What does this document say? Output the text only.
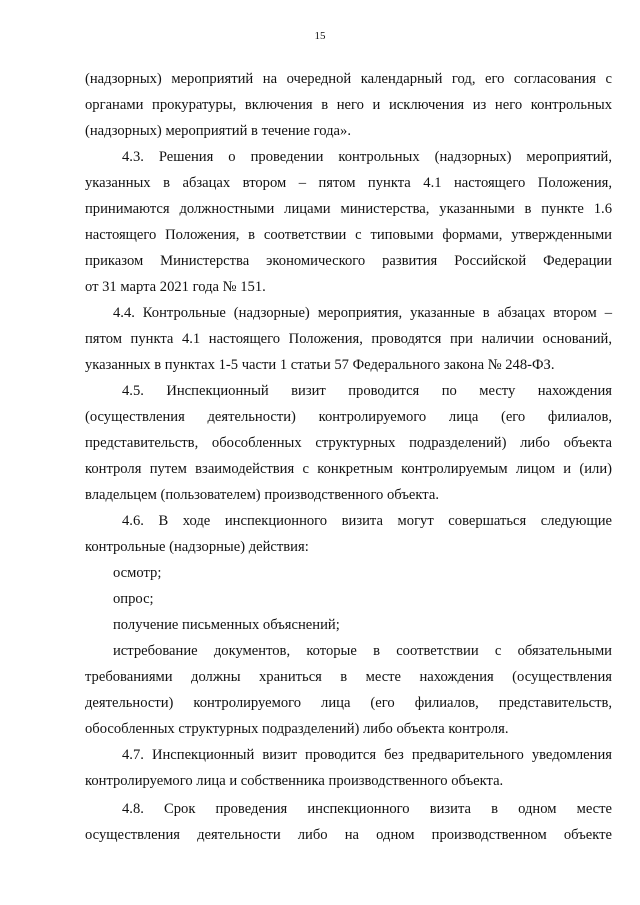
15
(надзорных) мероприятий на очередной календарный год, его согласования с
органами прокуратуры, включения в него и исключения из него контрольных
(надзорных) мероприятий в течение года».
4.3. Решения о проведении контрольных (надзорных) мероприятий,
указанных в абзацах втором – пятом пункта 4.1 настоящего Положения,
принимаются должностными лицами министерства, указанными в пункте 1.6
настоящего Положения, в соответствии с типовыми формами, утвержденными
приказом Министерства экономического развития Российской Федерации
от 31 марта 2021 года № 151.
4.4. Контрольные (надзорные) мероприятия, указанные в абзацах втором –
пятом пункта 4.1 настоящего Положения, проводятся при наличии оснований,
указанных в пунктах 1-5 части 1 статьи 57 Федерального закона № 248-ФЗ.
4.5. Инспекционный визит проводится по месту нахождения
(осуществления деятельности) контролируемого лица (его филиалов,
представительств, обособленных структурных подразделений) либо объекта
контроля путем взаимодействия с конкретным контролируемым лицом и (или)
владельцем (пользователем) производственного объекта.
4.6. В ходе инспекционного визита могут совершаться следующие
контрольные (надзорные) действия:
осмотр;
опрос;
получение письменных объяснений;
истребование документов, которые в соответствии с обязательными
требованиями должны храниться в месте нахождения (осуществления
деятельности) контролируемого лица (его филиалов, представительств,
обособленных структурных подразделений) либо объекта контроля.
4.7. Инспекционный визит проводится без предварительного уведомления
контролируемого лица и собственника производственного объекта.
4.8. Срок проведения инспекционного визита в одном месте
осуществления деятельности либо на одном производственном объекте
